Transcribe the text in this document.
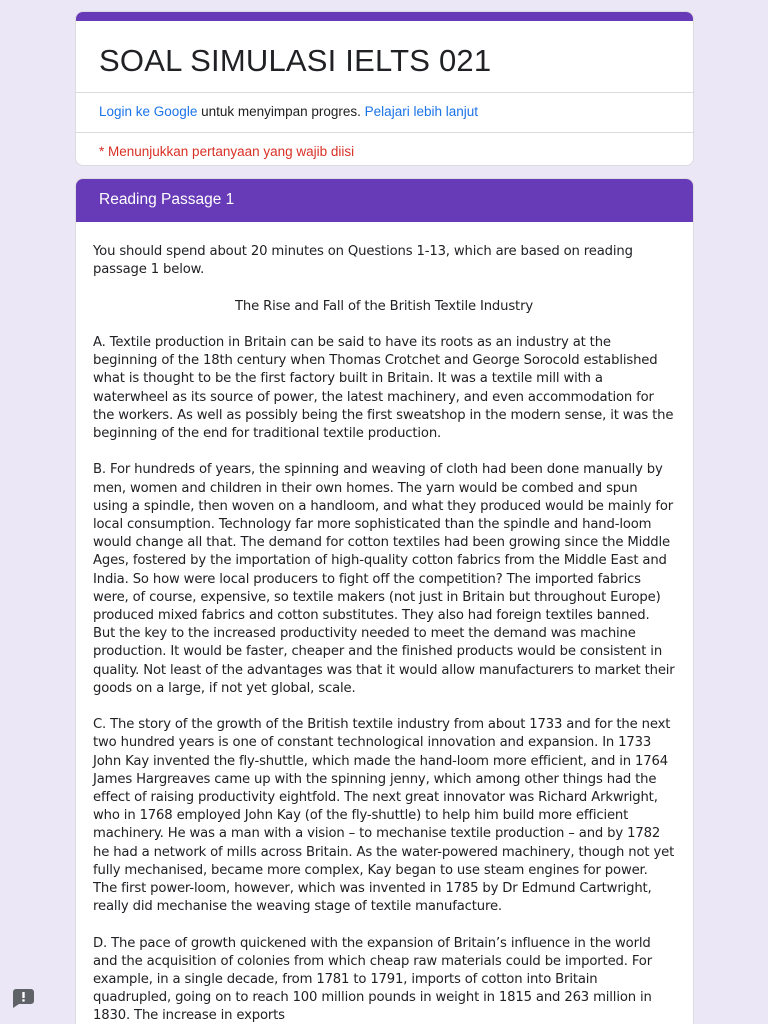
SOAL SIMULASI IELTS 021
Login ke Google untuk menyimpan progres. Pelajari lebih lanjut
* Menunjukkan pertanyaan yang wajib diisi
Reading Passage 1

You should spend about 20 minutes on Questions 1-13, which are based on reading passage 1 below.

The Rise and Fall of the British Textile Industry

A. Textile production in Britain can be said to have its roots as an industry at the beginning of the 18th century when Thomas Crotchet and George Sorocold established what is thought to be the first factory built in Britain. It was a textile mill with a waterwheel as its source of power, the latest machinery, and even accommodation for the workers. As well as possibly being the first sweatshop in the modern sense, it was the beginning of the end for traditional textile production.

B. For hundreds of years, the spinning and weaving of cloth had been done manually by men, women and children in their own homes. The yarn would be combed and spun using a spindle, then woven on a handloom, and what they produced would be mainly for local consumption. Technology far more sophisticated than the spindle and hand-loom would change all that. The demand for cotton textiles had been growing since the Middle Ages, fostered by the importation of high-quality cotton fabrics from the Middle East and India. So how were local producers to fight off the competition? The imported fabrics were, of course, expensive, so textile makers (not just in Britain but throughout Europe) produced mixed fabrics and cotton substitutes. They also had foreign textiles banned. But the key to the increased productivity needed to meet the demand was machine production. It would be faster, cheaper and the finished products would be consistent in quality. Not least of the advantages was that it would allow manufacturers to market their goods on a large, if not yet global, scale.

C. The story of the growth of the British textile industry from about 1733 and for the next two hundred years is one of constant technological innovation and expansion. In 1733 John Kay invented the fly-shuttle, which made the hand-loom more efficient, and in 1764 James Hargreaves came up with the spinning jenny, which among other things had the effect of raising productivity eightfold. The next great innovator was Richard Arkwright, who in 1768 employed John Kay (of the fly-shuttle) to help him build more efficient machinery. He was a man with a vision – to mechanise textile production – and by 1782 he had a network of mills across Britain. As the water-powered machinery, though not yet fully mechanised, became more complex, Kay began to use steam engines for power. The first power-loom, however, which was invented in 1785 by Dr Edmund Cartwright, really did mechanise the weaving stage of textile manufacture.

D. The pace of growth quickened with the expansion of Britain’s influence in the world and the acquisition of colonies from which cheap raw materials could be imported. For example, in a single decade, from 1781 to 1791, imports of cotton into Britain quadrupled, going on to reach 100 million pounds in weight in 1815 and 263 million in 1830. The increase in exports
